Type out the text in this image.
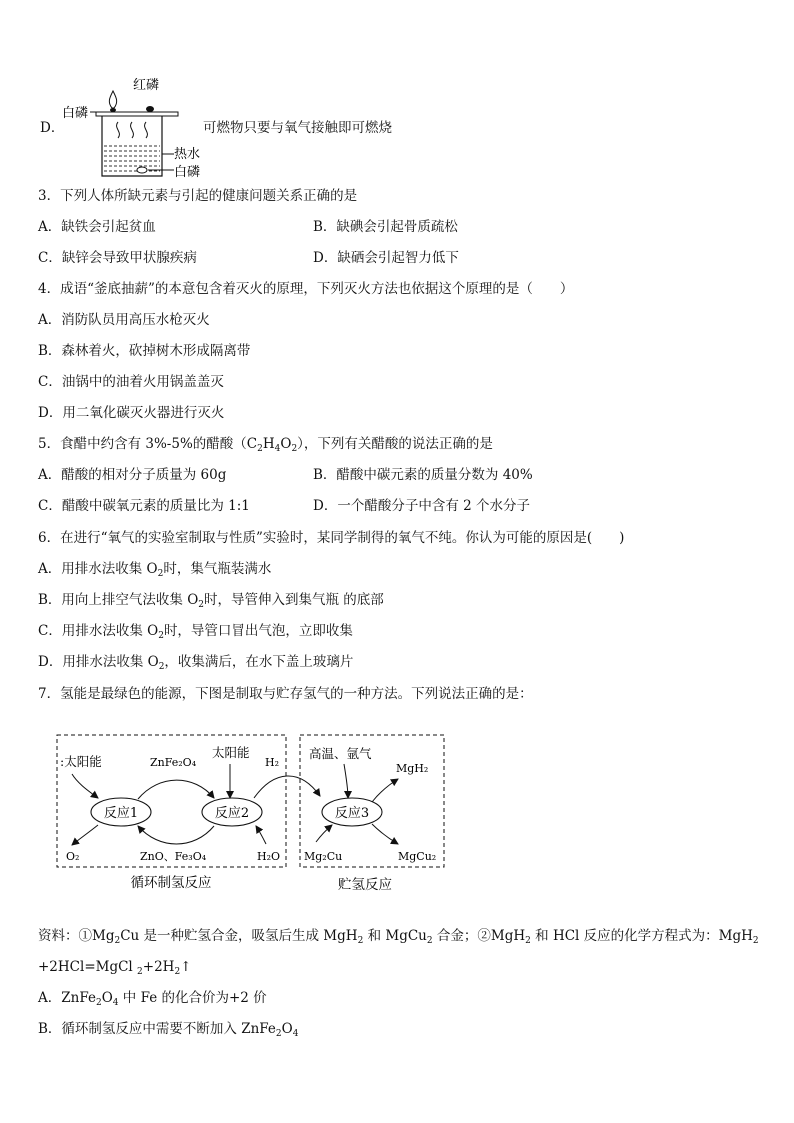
D．
红磷
白磷
热水
白磷
可燃物只要与氧气接触即可燃烧
3．下列人体所缺元素与引起的健康问题关系正确的是
A．缺铁会引起贫血	B．缺碘会引起骨质疏松
C．缺锌会导致甲状腺疾病	D．缺硒会引起智力低下
4．成语“釜底抽薪”的本意包含着灭火的原理，下列灭火方法也依据这个原理的是（　　）
A．消防队员用高压水枪灭火
B．森林着火，砍掉树木形成隔离带
C．油锅中的油着火用锅盖盖灭
D．用二氧化碳灭火器进行灭火
5．食醋中约含有 3%-5%的醋酸$(C_2H_4O_2)$，下列有关醋酸的说法正确的是
A．醋酸的相对分子质量为 60g	B．醋酸中碳元素的质量分数为 40%
C．醋酸中碳氧元素的质量比为 1:1	D．一个醋酸分子中含有 2 个水分子
6．在进行“氧气的实验室制取与性质”实验时，某同学制得的氧气不纯。你认为可能的原因是(　　)
A．用排水法收集 $O_2$时，集气瓶装满水
B．用向上排空气法收集 $O_2$时，导管伸入到集气瓶 的底部
C．用排水法收集 $O_2$时，导管口冒出气泡，立即收集
D．用排水法收集 $O_2$，收集满后，在水下盖上玻璃片
7．氢能是最绿色的能源，下图是制取与贮存氢气的一种方法。下列说法正确的是：
:太阳能	ZnFe₂O₄
太阳能
H₂
反应1	反应2
O₂	ZnO、Fe₃O₄	H₂O
高温、氩气
MgH₂
反应3
Mg₂Cu	MgCu₂
循环制氢反应	贮氢反应
资料：$①Mg_2Cu$ 是一种贮氢合金，吸氢后生成 MgH$_2$ 和 MgCu$_2$ 合金；②MgH$_2$ 和 HCl 反应的化学方程式为：MgH$_2$
+2HCl=MgCl $_2+2H_2↑$
A．$ZnFe_2O_4$ 中 Fe 的化合价为+2 价
B．循环制氢反应中需要不断加入 $ZnFe_2O_4$
